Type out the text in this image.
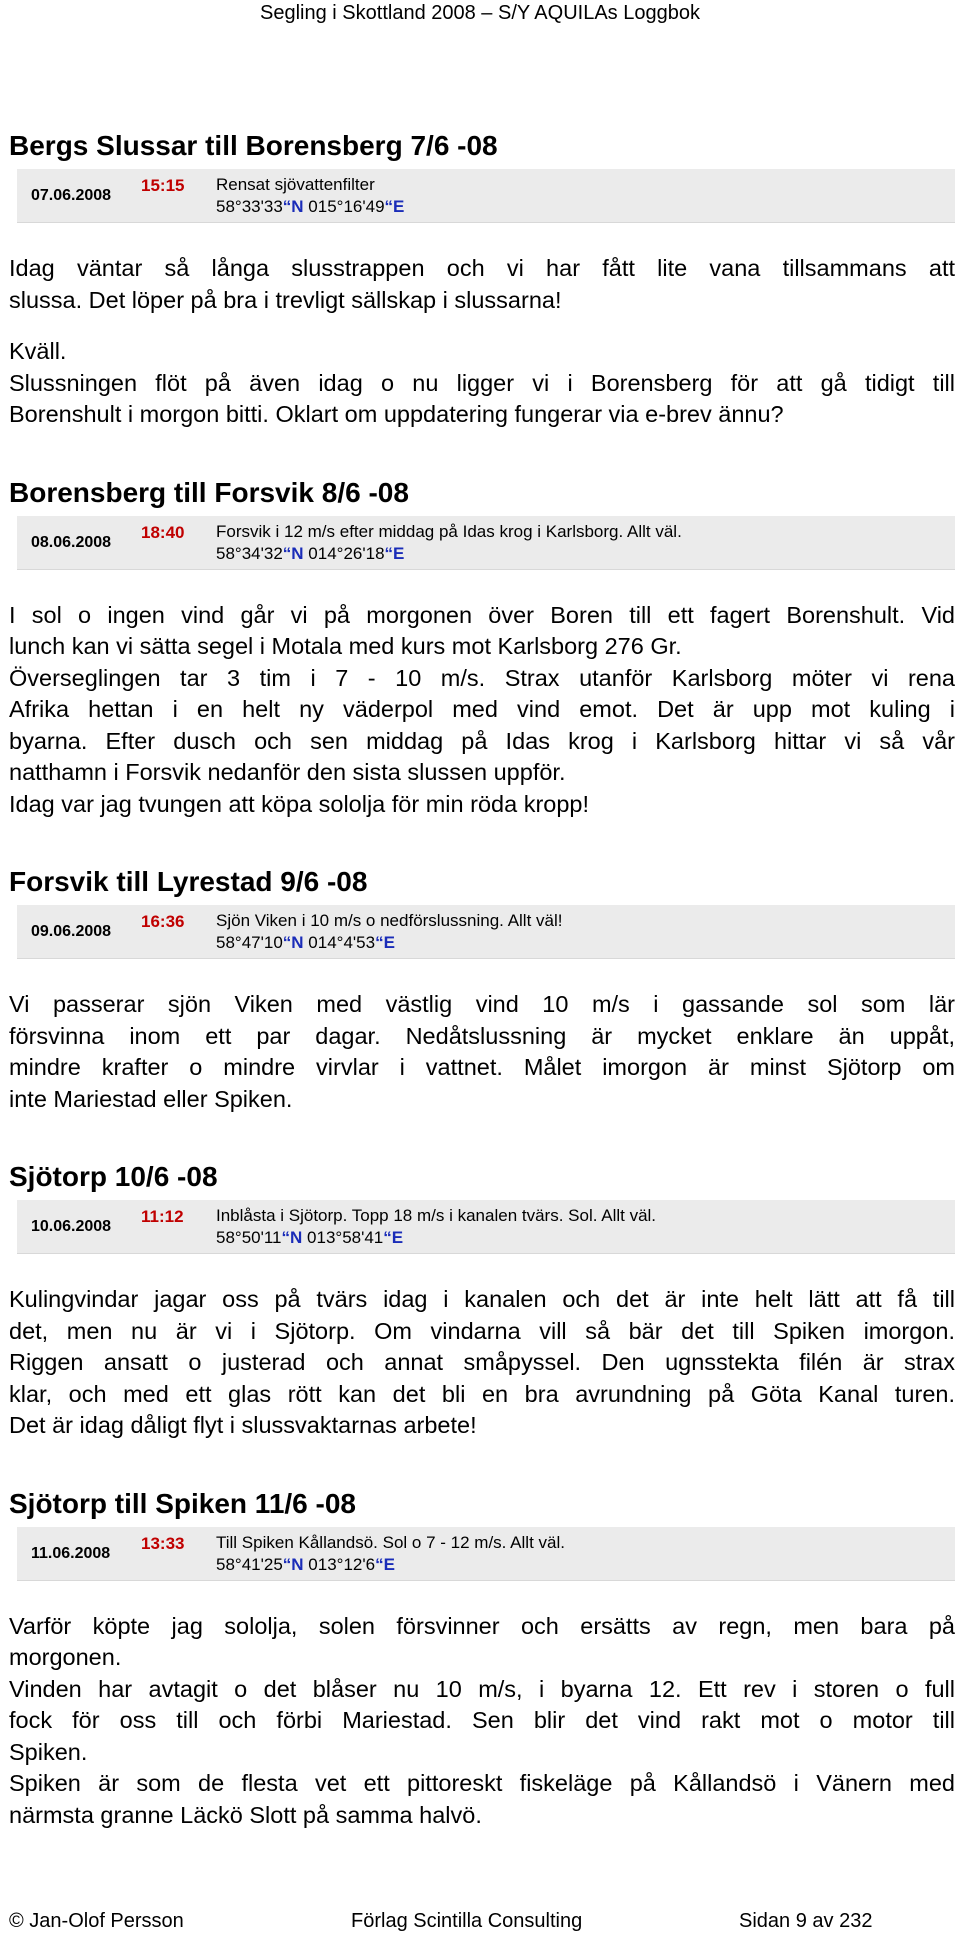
Segling i Skottland 2008 – S/Y AQUILAs Loggbok
Bergs Slussar till Borensberg 7/6 -08
07.06.2008
15:15 Rensat sjövattenfilter
58°33'33“N 015°16'49“E
Idag väntar så långa slusstrappen och vi har fått lite vana tillsammans att
slussa. Det löper på bra i trevligt sällskap i slussarna!
Kväll.
Slussningen flöt på även idag o nu ligger vi i Borensberg för att gå tidigt till
Borenshult i morgon bitti. Oklart om uppdatering fungerar via e-brev ännu?
Borensberg till Forsvik 8/6 -08
08.06.2008
18:40 Forsvik i 12 m/s efter middag på Idas krog i Karlsborg. Allt väl.
58°34'32“N 014°26'18“E
I sol o ingen vind går vi på morgonen över Boren till ett fagert Borenshult. Vid
lunch kan vi sätta segel i Motala med kurs mot Karlsborg 276 Gr.
Överseglingen tar 3 tim i 7 - 10 m/s. Strax utanför Karlsborg möter vi rena
Afrika hettan i en helt ny väderpol med vind emot. Det är upp mot kuling i
byarna. Efter dusch och sen middag på Idas krog i Karlsborg hittar vi så vår
natthamn i Forsvik nedanför den sista slussen uppför.
Idag var jag tvungen att köpa sololja för min röda kropp!
Forsvik till Lyrestad 9/6 -08
09.06.2008
16:36 Sjön Viken i 10 m/s o nedförslussning. Allt väl!
58°47'10“N 014°4'53“E
Vi passerar sjön Viken med västlig vind 10 m/s i gassande sol som lär
försvinna inom ett par dagar. Nedåtslussning är mycket enklare än uppåt,
mindre krafter o mindre virvlar i vattnet. Målet imorgon är minst Sjötorp om
inte Mariestad eller Spiken.
Sjötorp 10/6 -08
10.06.2008
11:12 Inblåsta i Sjötorp. Topp 18 m/s i kanalen tvärs. Sol. Allt väl.
58°50'11“N 013°58'41“E
Kulingvindar jagar oss på tvärs idag i kanalen och det är inte helt lätt att få till
det, men nu är vi i Sjötorp. Om vindarna vill så bär det till Spiken imorgon.
Riggen ansatt o justerad och annat småpyssel. Den ugnsstekta filén är strax
klar, och med ett glas rött kan det bli en bra avrundning på Göta Kanal turen.
Det är idag dåligt flyt i slussvaktarnas arbete!
Sjötorp till Spiken 11/6 -08
11.06.2008
13:33 Till Spiken Kållandsö. Sol o 7 - 12 m/s. Allt väl.
58°41'25“N 013°12'6“E
Varför köpte jag sololja, solen försvinner och ersätts av regn, men bara på
morgonen.
Vinden har avtagit o det blåser nu 10 m/s, i byarna 12. Ett rev i storen o full
fock för oss till och förbi Mariestad. Sen blir det vind rakt mot o motor till
Spiken.
Spiken är som de flesta vet ett pittoreskt fiskeläge på Kållandsö i Vänern med
närmsta granne Läckö Slott på samma halvö.
© Jan-Olof Persson	Förlag Scintilla Consulting	Sidan 9 av 232
